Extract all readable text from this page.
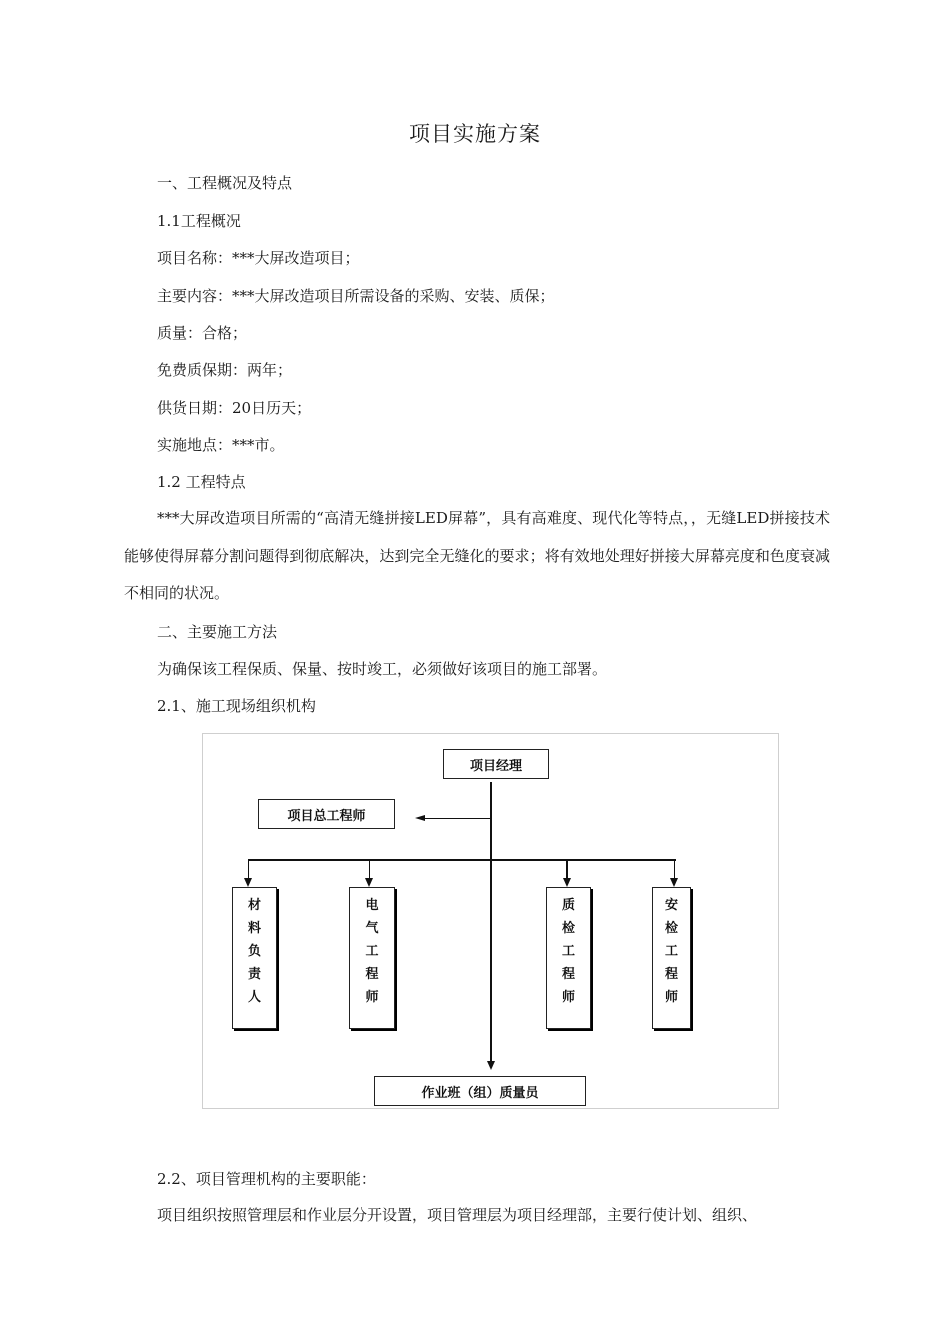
项目实施方案
一、工程概况及特点
1.1工程概况
项目名称：***大屏改造项目；
主要内容：***大屏改造项目所需设备的采购、安装、质保；
质量：合格；
免费质保期：两年；
供货日期：20日历天；
实施地点：***市。
1.2 工程特点
***大屏改造项目所需的“高清无缝拼接LED屏幕”，具有高难度、现代化等特点，，无缝LED拼接技术能够使得屏幕分割问题得到彻底解决，达到完全无缝化的要求；将有效地处理好拼接大屏幕亮度和色度衰减不相同的状况。
二、主要施工方法
为确保该工程保质、保量、按时竣工，必须做好该项目的施工部署。
2.1、施工现场组织机构
项目经理
项目总工程师
材
料
负
责
人
电
气
工
程
师
质
检
工
程
师
安
检
工
程
师
作业班（组）质量员
2.2、项目管理机构的主要职能：
项目组织按照管理层和作业层分开设置，项目管理层为项目经理部，主要行使计划、组织、
